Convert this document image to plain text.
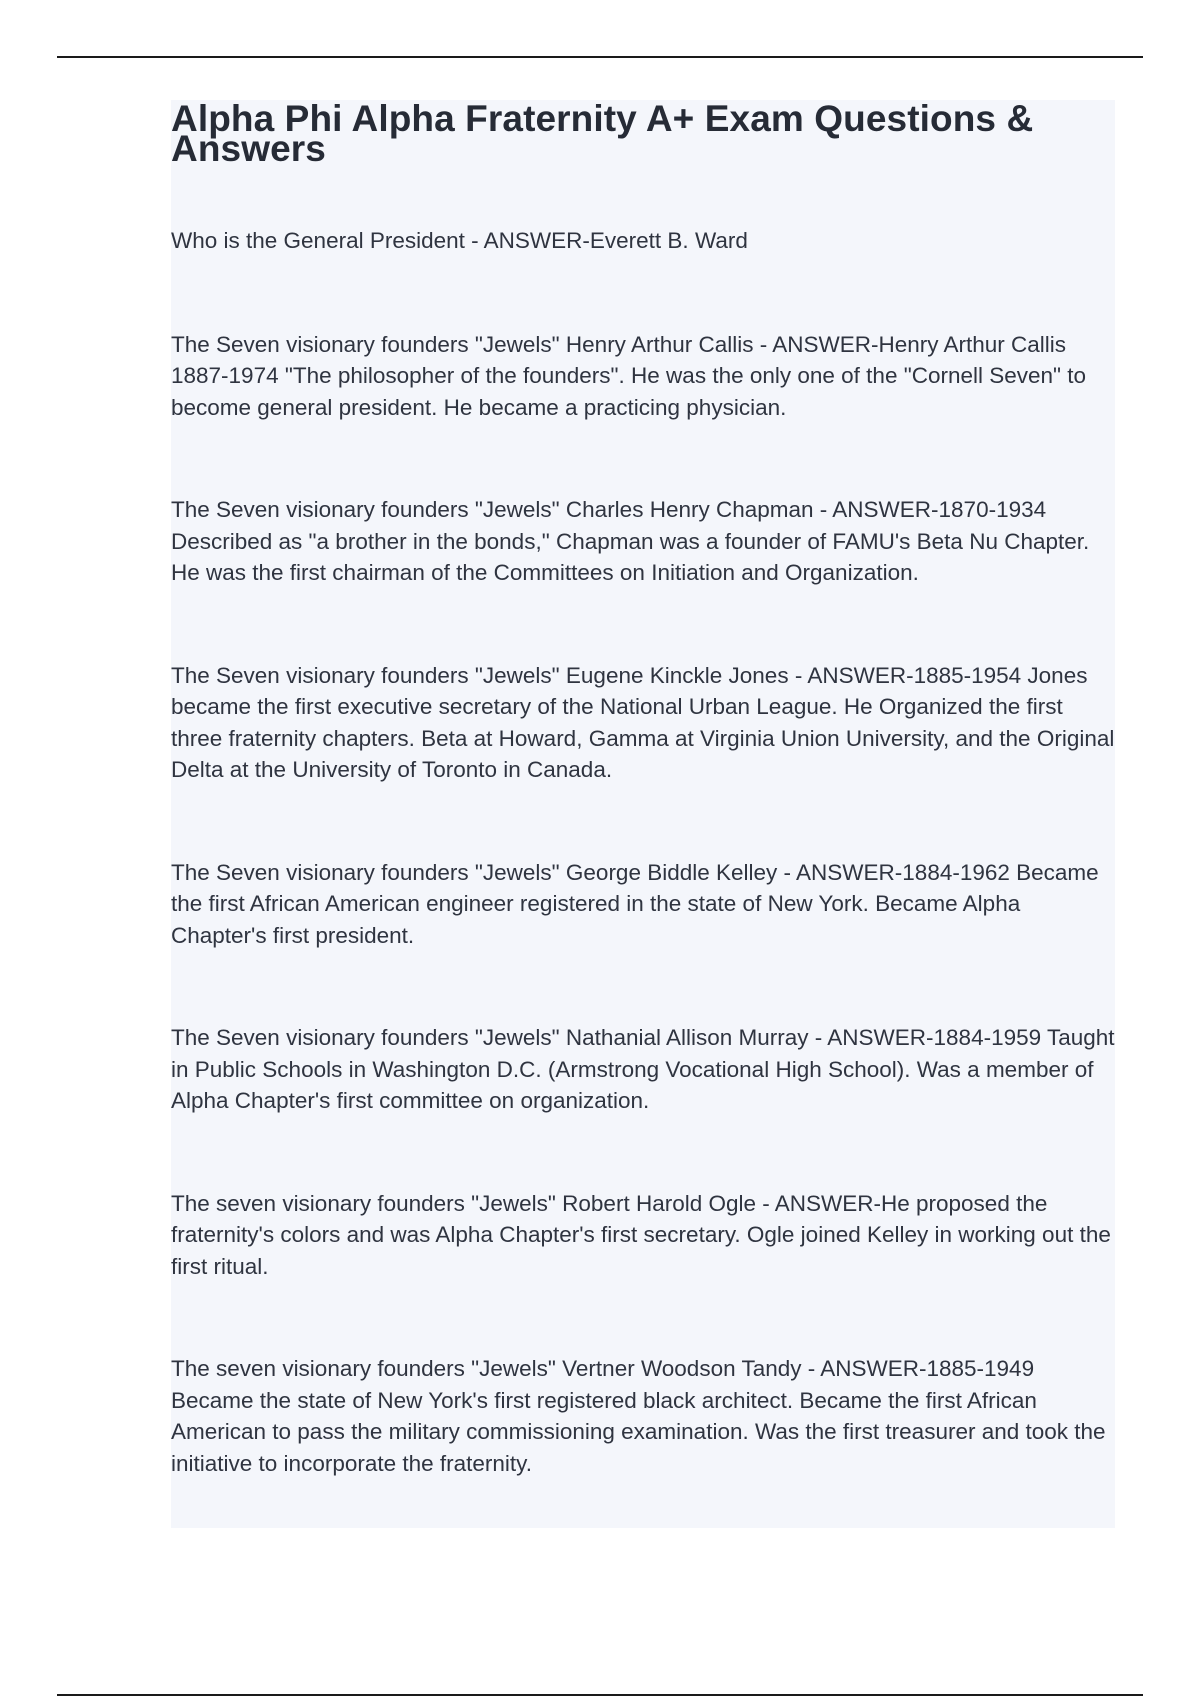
Alpha Phi Alpha Fraternity A+ Exam Questions & Answers
Who is the General President - ANSWER-Everett B. Ward
The Seven visionary founders "Jewels" Henry Arthur Callis - ANSWER-Henry Arthur Callis 1887-1974 "The philosopher of the founders". He was the only one of the "Cornell Seven" to become general president. He became a practicing physician.
The Seven visionary founders "Jewels" Charles Henry Chapman - ANSWER-1870-1934 Described as "a brother in the bonds," Chapman was a founder of FAMU's Beta Nu Chapter. He was the first chairman of the Committees on Initiation and Organization.
The Seven visionary founders "Jewels" Eugene Kinckle Jones - ANSWER-1885-1954 Jones became the first executive secretary of the National Urban League. He Organized the first three fraternity chapters. Beta at Howard, Gamma at Virginia Union University, and the Original Delta at the University of Toronto in Canada.
The Seven visionary founders "Jewels" George Biddle Kelley - ANSWER-1884-1962 Became the first African American engineer registered in the state of New York. Became Alpha Chapter's first president.
The Seven visionary founders "Jewels" Nathanial Allison Murray - ANSWER-1884-1959 Taught in Public Schools in Washington D.C. (Armstrong Vocational High School). Was a member of Alpha Chapter's first committee on organization.
The seven visionary founders "Jewels" Robert Harold Ogle - ANSWER-He proposed the fraternity's colors and was Alpha Chapter's first secretary. Ogle joined Kelley in working out the first ritual.
The seven visionary founders "Jewels" Vertner Woodson Tandy - ANSWER-1885-1949 Became the state of New York's first registered black architect. Became the first African American to pass the military commissioning examination. Was the first treasurer and took the initiative to incorporate the fraternity.
